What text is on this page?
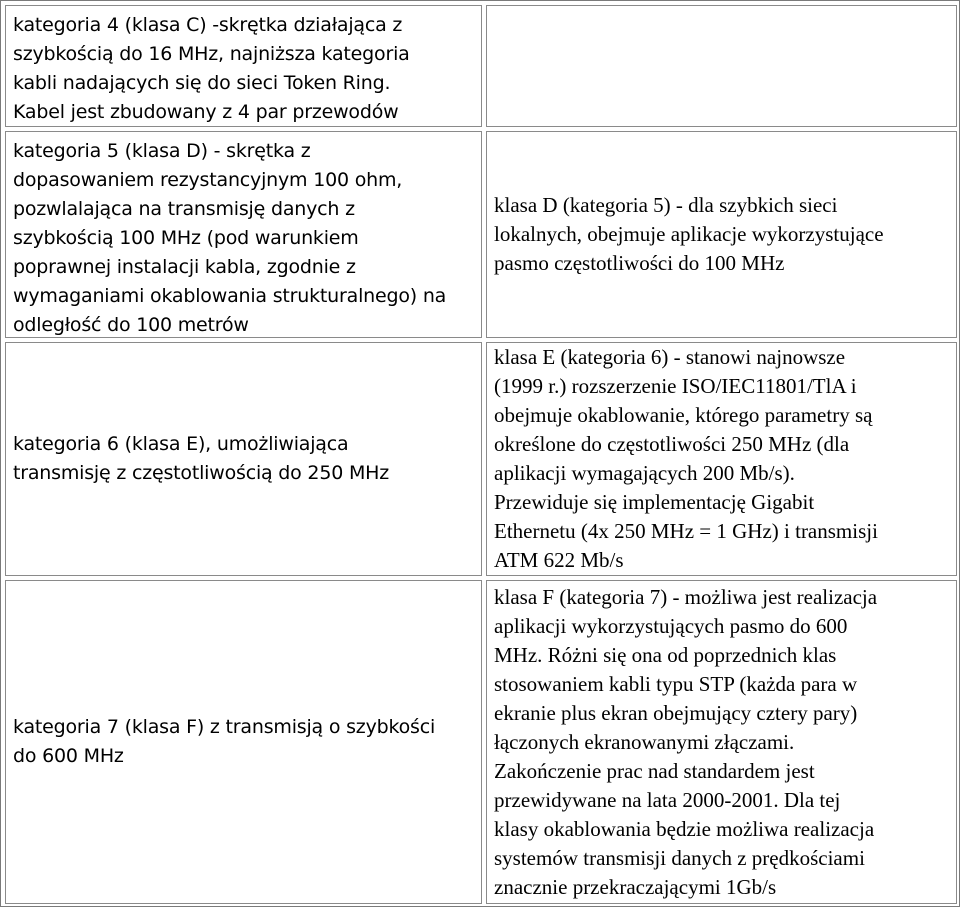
kategoria 4 (klasa C) -skrętka działająca z
szybkością do 16 MHz, najniższa kategoria
kabli nadających się do sieci Token Ring.
Kabel jest zbudowany z 4 par przewodów
kategoria 5 (klasa D) - skrętka z
dopasowaniem rezystancyjnym 100 ohm,
pozwlalająca na transmisję danych z
szybkością 100 MHz (pod warunkiem
poprawnej instalacji kabla, zgodnie z
wymaganiami okablowania strukturalnego) na
odległość do 100 metrów
klasa D (kategoria 5) - dla szybkich sieci
lokalnych, obejmuje aplikacje wykorzystujące
pasmo częstotliwości do 100 MHz
kategoria 6 (klasa E), umożliwiająca
transmisję z częstotliwością do 250 MHz
klasa E (kategoria 6) - stanowi najnowsze
(1999 r.) rozszerzenie ISO/IEC11801/TlA i
obejmuje okablowanie, którego parametry są
określone do częstotliwości 250 MHz (dla
aplikacji wymagających 200 Mb/s).
Przewiduje się implementację Gigabit
Ethernetu (4x 250 MHz = 1 GHz) i transmisji
ATM 622 Mb/s
kategoria 7 (klasa F) z transmisją o szybkości
do 600 MHz
klasa F (kategoria 7) - możliwa jest realizacja
aplikacji wykorzystujących pasmo do 600
MHz. Różni się ona od poprzednich klas
stosowaniem kabli typu STP (każda para w
ekranie plus ekran obejmujący cztery pary)
łączonych ekranowanymi złączami.
Zakończenie prac nad standardem jest
przewidywane na lata 2000-2001. Dla tej
klasy okablowania będzie możliwa realizacja
systemów transmisji danych z prędkościami
znacznie przekraczającymi 1Gb/s
